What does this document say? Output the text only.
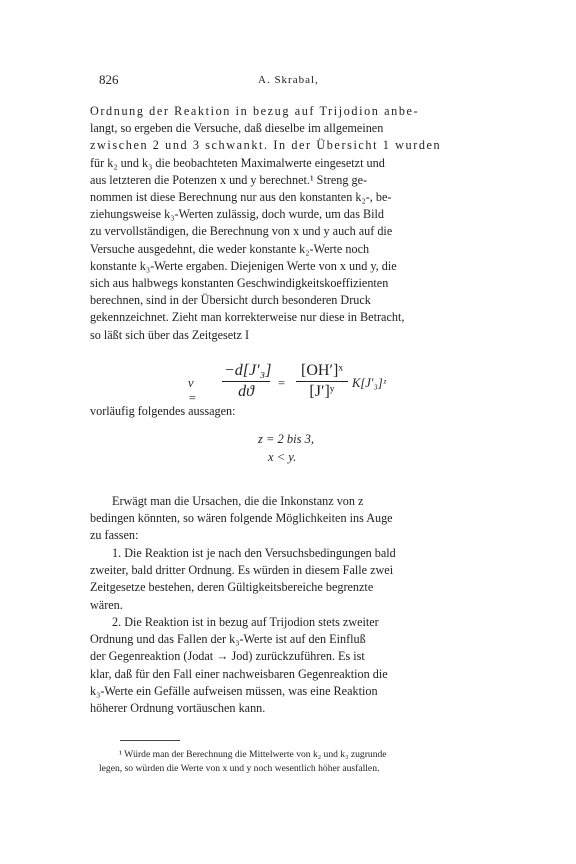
826	A. Skrabal,
Ordnung der Reaktion in bezug auf Trijodion anbe-
langt, so ergeben die Versuche, daß dieselbe im allgemeinen
zwischen 2 und 3 schwankt. In der Übersicht 1 wurden
für k₂ und k₃ die beobachteten Maximalwerte eingesetzt und
aus letzteren die Potenzen x und y berechnet.¹ Streng ge-
nommen ist diese Berechnung nur aus den konstanten k₂-, be-
ziehungsweise k₃-Werten zulässig, doch wurde, um das Bild
zu vervollständigen, die Berechnung von x und y auch auf die
Versuche ausgedehnt, die weder konstante k₂-Werte noch
konstante k₃-Werte ergaben. Diejenigen Werte von x und y, die
sich aus halbwegs konstanten Geschwindigkeitskoeffizienten
berechnen, sind in der Übersicht durch besonderen Druck
gekennzeichnet. Zieht man korrekterweise nur diese in Betracht,
so läßt sich über das Zeitgesetz I
$v = \frac{\text{−d[J′₃]}}{dϑ} = \frac{\text{[OH′]ˣ}}{\text{[J′]ʸ}}$ K[J′₃]ᶻ
vorläufig folgendes aussagen:
z = 2 bis 3,
x < y.
Erwägt man die Ursachen, die die Inkonstanz von z
bedingen könnten, so wären folgende Möglichkeiten ins Auge
zu fassen:
1. Die Reaktion ist je nach den Versuchsbedingungen bald
zweiter, bald dritter Ordnung. Es würden in diesem Falle zwei
Zeitgesetze bestehen, deren Gültigkeitsbereiche begrenzte
wären.
2. Die Reaktion ist in bezug auf Trijodion stets zweiter
Ordnung und das Fallen der k₃-Werte ist auf den Einfluß
der Gegenreaktion (Jodat → Jod) zurückzuführen. Es ist
klar, daß für den Fall einer nachweisbaren Gegenreaktion die
k₃-Werte ein Gefälle aufweisen müssen, was eine Reaktion
höherer Ordnung vortäuschen kann.
¹ Würde man der Berechnung die Mittelwerte von k₂ und k₃ zugrunde
legen, so würden die Werte von x und y noch wesentlich höher ausfallen.
